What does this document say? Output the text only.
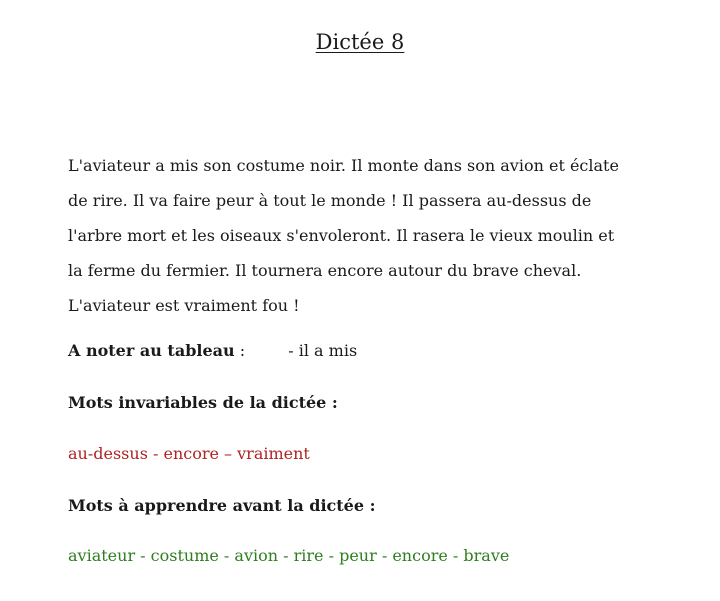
Dictée 8

L'aviateur a mis son costume noir. Il monte dans son avion et éclate de rire. Il va faire peur à tout le monde ! Il passera au-dessus de l'arbre mort et les oiseaux s'envoleront. Il rasera le vieux moulin et la ferme du fermier. Il tournera encore autour du brave cheval. L'aviateur est vraiment fou !

A noter au tableau :	- il a mis
Mots invariables de la dictée :
au-dessus - encore – vraiment
Mots à apprendre avant la dictée :
aviateur - costume - avion - rire - peur - encore - brave
